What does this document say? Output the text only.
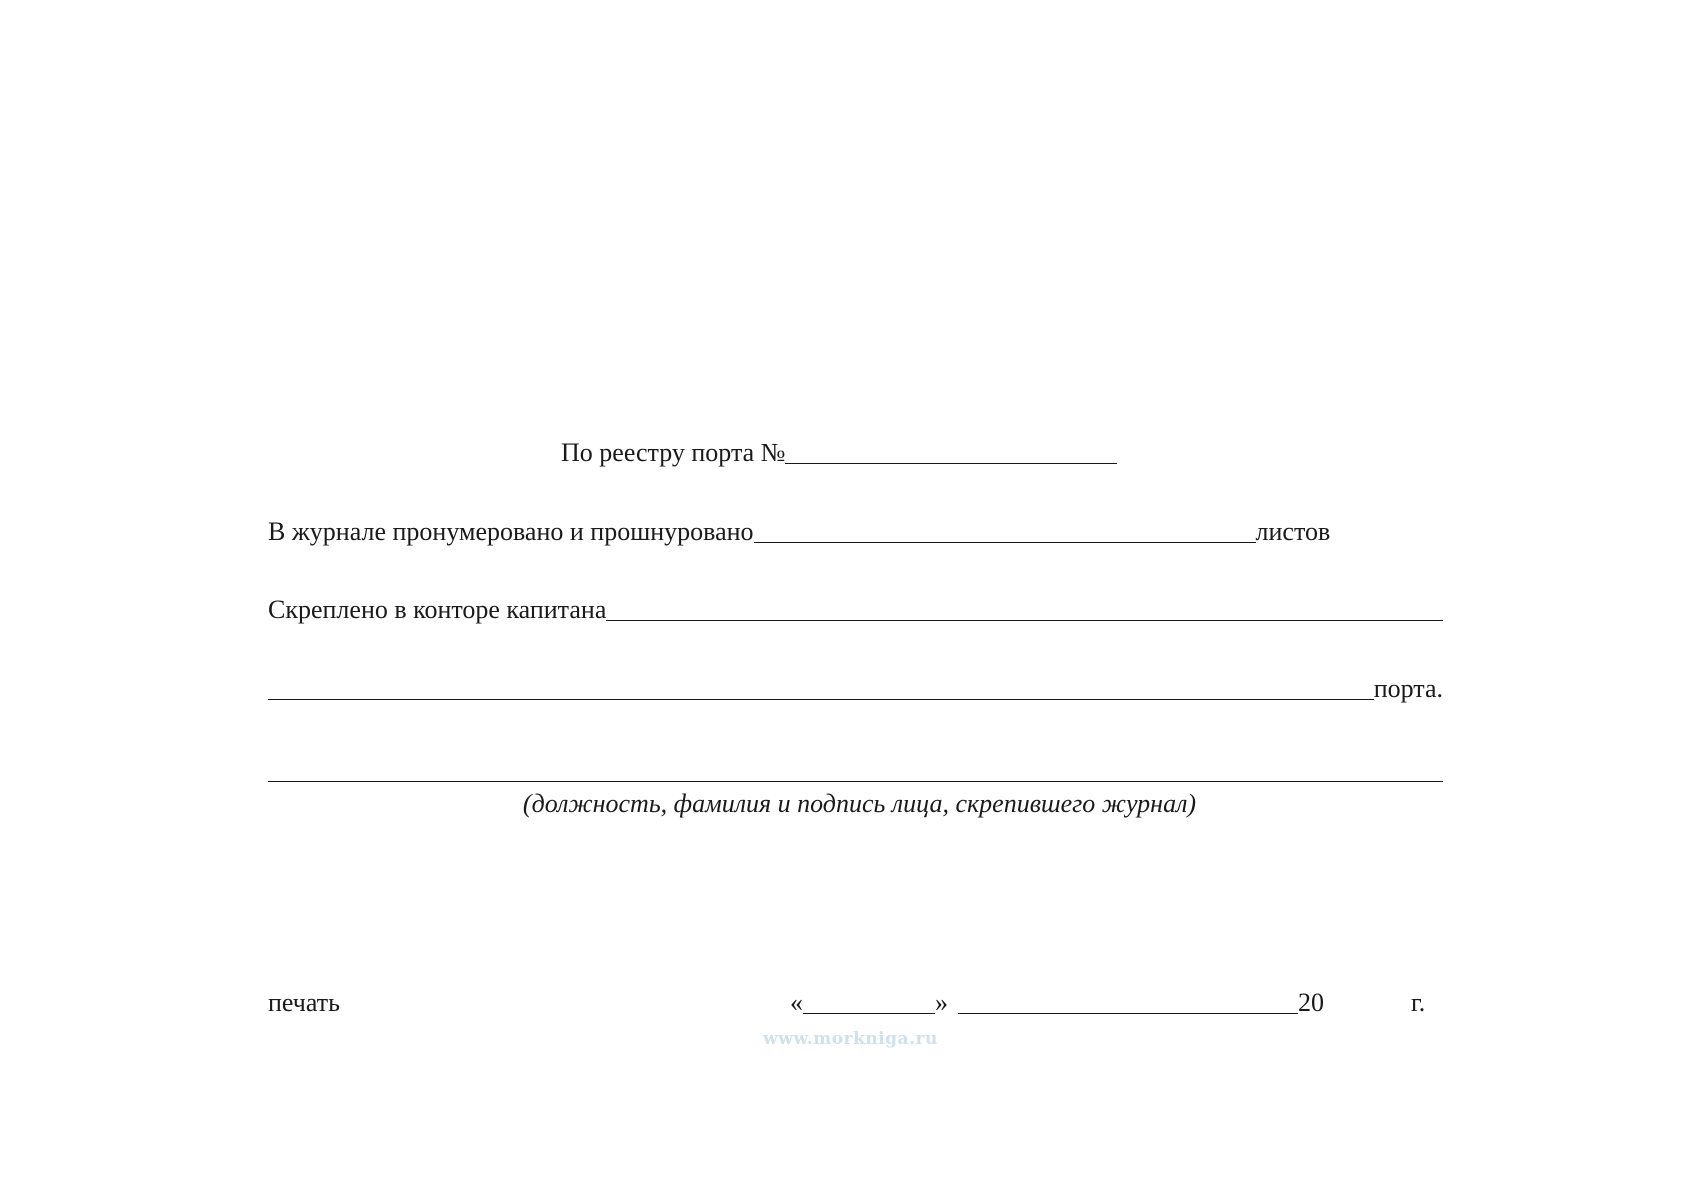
По реестру порта №
В журнале пронумеровано и прошнуровано	листов
Скреплено в конторе капитана
порта.
(должность, фамилия и подпись лица, скрепившего журнал)
печать	«	»	20	г.
www.morkniga.ru
